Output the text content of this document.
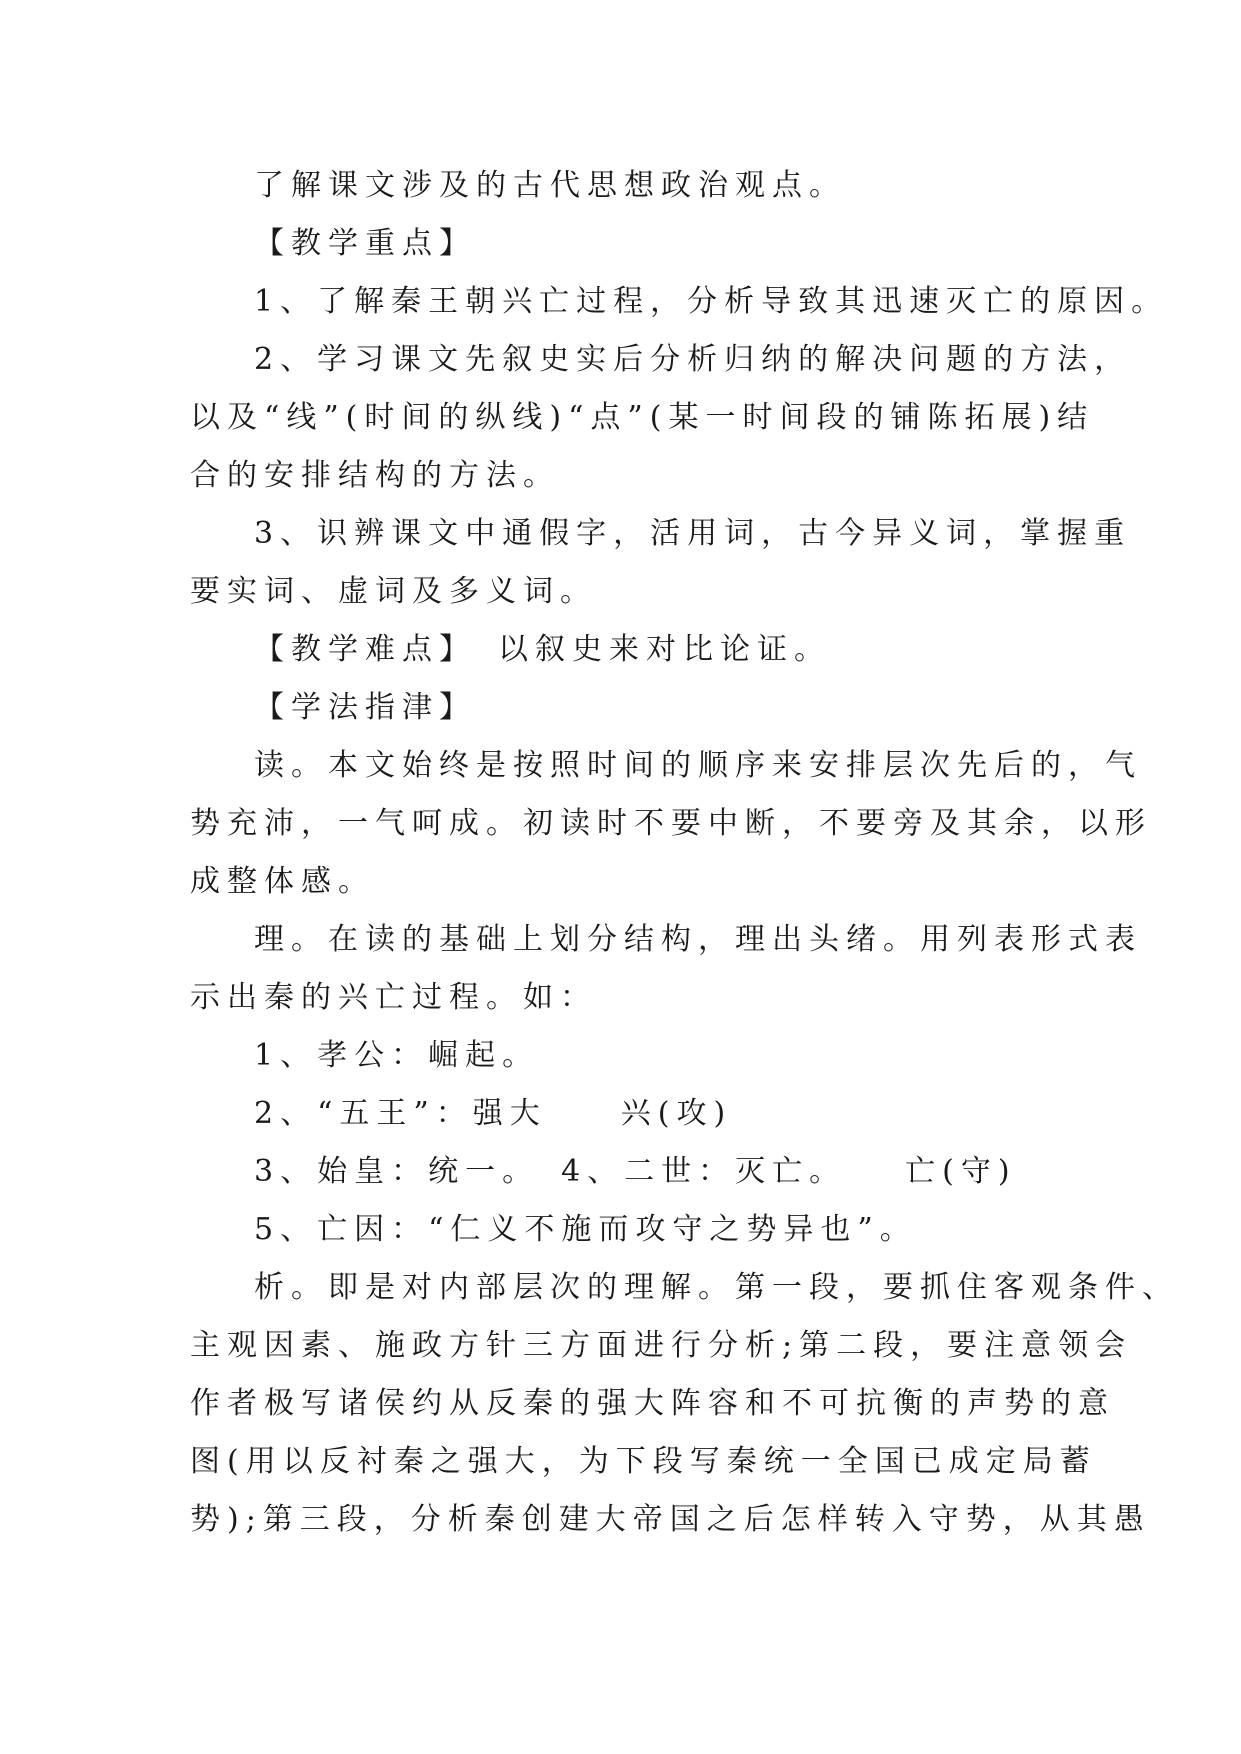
了解课文涉及的古代思想政治观点。
【教学重点】
1、了解秦王朝兴亡过程，分析导致其迅速灭亡的原因。
2、学习课文先叙史实后分析归纳的解决问题的方法，
以及“线”(时间的纵线)“点”(某一时间段的铺陈拓展)结
合的安排结构的方法。
3、识辨课文中通假字，活用词，古今异义词，掌握重
要实词、虚词及多义词。
【教学难点】　以叙史来对比论证。
【学法指津】
读。本文始终是按照时间的顺序来安排层次先后的，气
势充沛，一气呵成。初读时不要中断，不要旁及其余，以形
成整体感。
理。在读的基础上划分结构，理出头绪。用列表形式表
示出秦的兴亡过程。如：
1、孝公：崛起。
2、“五王”：强大　　兴(攻)
3、始皇：统一。　4、二世：灭亡。　　亡(守)
5、亡因：“仁义不施而攻守之势异也”。
析。即是对内部层次的理解。第一段，要抓住客观条件、
主观因素、施政方针三方面进行分析;第二段，要注意领会
作者极写诸侯约从反秦的强大阵容和不可抗衡的声势的意
图(用以反衬秦之强大，为下段写秦统一全国已成定局蓄
势);第三段，分析秦创建大帝国之后怎样转入守势，从其愚
